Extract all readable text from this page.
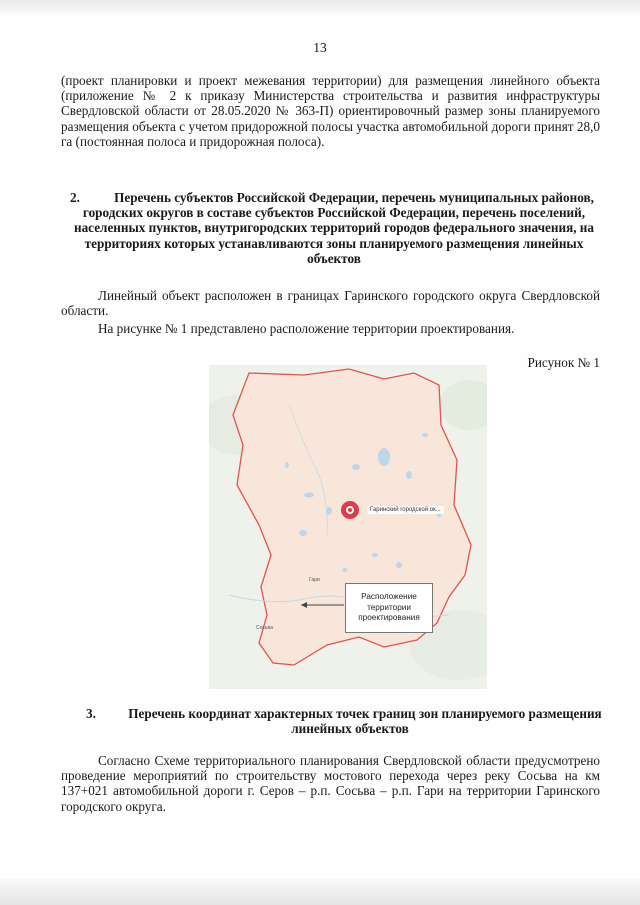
13
(проект планировки и проект межевания территории) для размещения линейного объекта (приложение № 2 к приказу Министерства строительства и развития инфраструктуры Свердловской области от 28.05.2020 № 363-П) ориентировочный размер зоны планируемого размещения объекта с учетом придорожной полосы участка автомобильной дороги принят 28,0 га (постоянная полоса и придорожная полоса).
2.	Перечень субъектов Российской Федерации, перечень муниципальных районов, городских округов в составе субъектов Российской Федерации, перечень поселений, населенных пунктов, внутригородских территорий городов федерального значения, на территориях которых устанавливаются зоны планируемого размещения линейных объектов
Линейный объект расположен в границах Гаринского городского округа Свердловской области.
На рисунке № 1 представлено расположение территории проектирования.
Рисунок № 1
Гаринский городской ок...
Гари
Сосьва
Расположение территории проектирования
3.	Перечень координат характерных точек границ зон планируемого размещения линейных объектов
Согласно Схеме территориального планирования Свердловской области предусмотрено проведение мероприятий по строительству мостового перехода через реку Сосьва на км 137+021 автомобильной дороги г. Серов – р.п. Сосьва – р.п. Гари на территории Гаринского городского округа.
